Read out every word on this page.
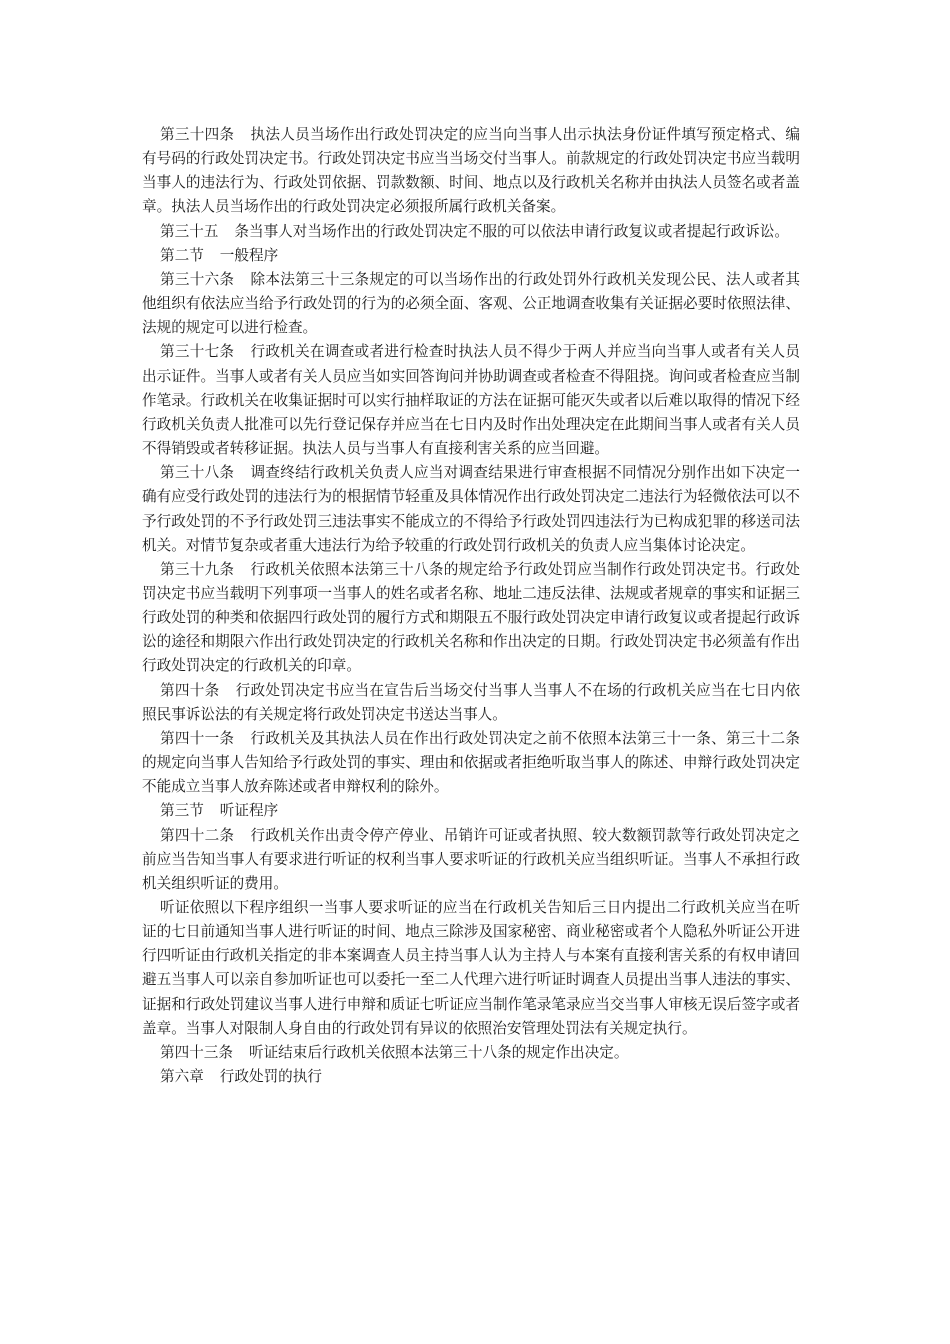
第三十四条 执法人员当场作出行政处罚决定的应当向当事人出示执法身份证件填写预定格式、编有号码的行政处罚决定书。行政处罚决定书应当当场交付当事人。前款规定的行政处罚决定书应当载明当事人的违法行为、行政处罚依据、罚款数额、时间、地点以及行政机关名称并由执法人员签名或者盖章。执法人员当场作出的行政处罚决定必须报所属行政机关备案。

第三十五 条当事人对当场作出的行政处罚决定不服的可以依法申请行政复议或者提起行政诉讼。

第二节 一般程序

第三十六条 除本法第三十三条规定的可以当场作出的行政处罚外行政机关发现公民、法人或者其他组织有依法应当给予行政处罚的行为的必须全面、客观、公正地调查收集有关证据必要时依照法律、法规的规定可以进行检查。

第三十七条 行政机关在调查或者进行检查时执法人员不得少于两人并应当向当事人或者有关人员出示证件。当事人或者有关人员应当如实回答询问并协助调查或者检查不得阻挠。询问或者检查应当制作笔录。行政机关在收集证据时可以实行抽样取证的方法在证据可能灭失或者以后难以取得的情况下经行政机关负责人批准可以先行登记保存并应当在七日内及时作出处理决定在此期间当事人或者有关人员不得销毁或者转移证据。执法人员与当事人有直接利害关系的应当回避。

第三十八条 调查终结行政机关负责人应当对调查结果进行审查根据不同情况分别作出如下决定一确有应受行政处罚的违法行为的根据情节轻重及具体情况作出行政处罚决定二违法行为轻微依法可以不予行政处罚的不予行政处罚三违法事实不能成立的不得给予行政处罚四违法行为已构成犯罪的移送司法机关。对情节复杂或者重大违法行为给予较重的行政处罚行政机关的负责人应当集体讨论决定。

第三十九条 行政机关依照本法第三十八条的规定给予行政处罚应当制作行政处罚决定书。行政处罚决定书应当载明下列事项一当事人的姓名或者名称、地址二违反法律、法规或者规章的事实和证据三行政处罚的种类和依据四行政处罚的履行方式和期限五不服行政处罚决定申请行政复议或者提起行政诉讼的途径和期限六作出行政处罚决定的行政机关名称和作出决定的日期。行政处罚决定书必须盖有作出行政处罚决定的行政机关的印章。

第四十条 行政处罚决定书应当在宣告后当场交付当事人当事人不在场的行政机关应当在七日内依照民事诉讼法的有关规定将行政处罚决定书送达当事人。

第四十一条 行政机关及其执法人员在作出行政处罚决定之前不依照本法第三十一条、第三十二条的规定向当事人告知给予行政处罚的事实、理由和依据或者拒绝听取当事人的陈述、申辩行政处罚决定不能成立当事人放弃陈述或者申辩权利的除外。

第三节 听证程序

第四十二条 行政机关作出责令停产停业、吊销许可证或者执照、较大数额罚款等行政处罚决定之前应当告知当事人有要求进行听证的权利当事人要求听证的行政机关应当组织听证。当事人不承担行政机关组织听证的费用。

听证依照以下程序组织一当事人要求听证的应当在行政机关告知后三日内提出二行政机关应当在听证的七日前通知当事人进行听证的时间、地点三除涉及国家秘密、商业秘密或者个人隐私外听证公开进行四听证由行政机关指定的非本案调查人员主持当事人认为主持人与本案有直接利害关系的有权申请回避五当事人可以亲自参加听证也可以委托一至二人代理六进行听证时调查人员提出当事人违法的事实、证据和行政处罚建议当事人进行申辩和质证七听证应当制作笔录笔录应当交当事人审核无误后签字或者盖章。当事人对限制人身自由的行政处罚有异议的依照治安管理处罚法有关规定执行。

第四十三条 听证结束后行政机关依照本法第三十八条的规定作出决定。

第六章 行政处罚的执行
